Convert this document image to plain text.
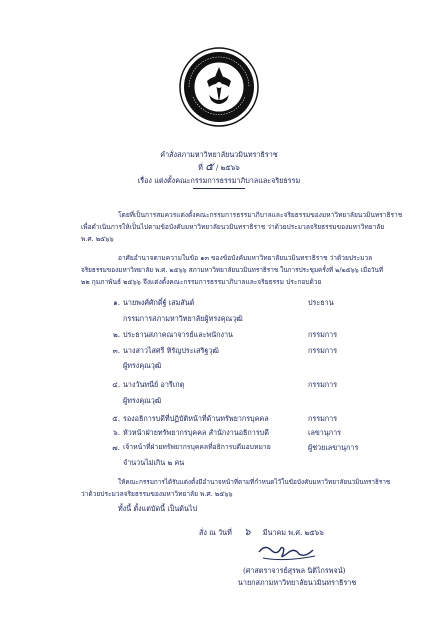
คำสั่งสภามหาวิทยาลัยนวมินทราธิราช
ที่ ๕ / ๒๕๖๖
เรื่อง แต่งตั้งคณะกรรมการธรรมาภิบาลและจริยธรรม
โดยที่เป็นการสมควรแต่งตั้งคณะกรรมการธรรมาภิบาลและจริยธรรมของมหาวิทยาลัยนวมินทราธิราช
เพื่อดำเนินการให้เป็นไปตามข้อบังคับมหาวิทยาลัยนวมินทราธิราช ว่าด้วยประมวลจริยธรรมของมหาวิทยาลัย
พ.ศ. ๒๕๖๖
อาศัยอำนาจตามความในข้อ ๑๓ ของข้อบังคับมหาวิทยาลัยนวมินทราธิราช ว่าด้วยประมวล
จริยธรรมของมหาวิทยาลัย พ.ศ. ๒๕๖๖ สภามหาวิทยาลัยนวมินทราธิราช ในการประชุมครั้งที่ ๒/๒๕๖๖ เมื่อวันที่
๒๒ กุมภาพันธ์ ๒๕๖๖ จึงแต่งตั้งคณะกรรมการธรรมาภิบาลและจริยธรรม ประกอบด้วย
๑. นายพงศ์ศักดิ์ฐ์ เสมสันต์	ประธาน
กรรมการสภามหาวิทยาลัยผู้ทรงคุณวุฒิ
๒. ประธานสภาคณาจารย์และพนักงาน	กรรมการ
๓. นางสาวไสศรี หิรัญประเสริฐวุฒิ	กรรมการ
ผู้ทรงคุณวุฒิ
๔. นางวันทนีย์ อารีเกตุ	กรรมการ
ผู้ทรงคุณวุฒิ
๕. รองอธิการบดีที่ปฏิบัติหน้าที่ด้านทรัพยากรบุคคล	กรรมการ
๖. หัวหน้าฝ่ายทรัพยากรบุคคล สำนักงานอธิการบดี	เลขานุการ
๗. เจ้าหน้าที่ฝ่ายทรัพยากรบุคคลที่อธิการบดีมอบหมาย	ผู้ช่วยเลขานุการ
จำนวนไม่เกิน ๒ คน
ให้คณะกรรมการได้รับแต่งตั้งมีอำนาจหน้าที่ตามที่กำหนดไว้ในข้อบังคับมหาวิทยาลัยนวมินทราธิราช
ว่าด้วยประมวลจริยธรรมของมหาวิทยาลัย พ.ศ. ๒๕๖๖
ทั้งนี้ ตั้งแต่บัดนี้ เป็นต้นไป
สั่ง ณ วันที่ ๖ มีนาคม พ.ศ. ๒๕๖๖
(ศาสตราจารย์สุรพล นิติไกรพจน์)
นายกสภามหาวิทยาลัยนวมินทราธิราช
